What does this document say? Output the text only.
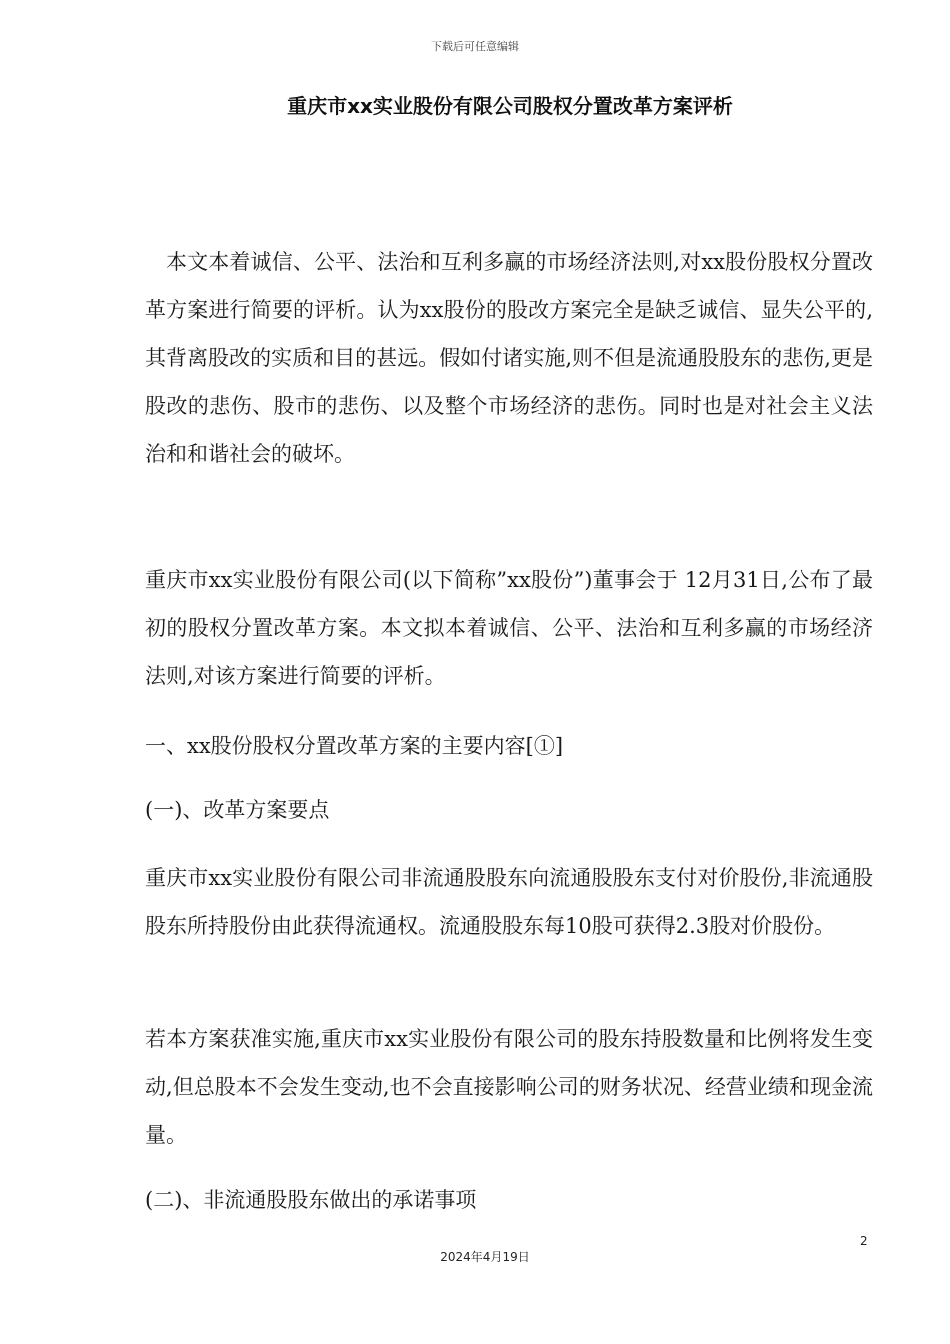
下载后可任意编辑
重庆市xx实业股份有限公司股权分置改革方案评析

本文本着诚信、公平、法治和互利多赢的市场经济法则,对xx股份股权分置改革方案进行简要的评析。认为xx股份的股改方案完全是缺乏诚信、显失公平的,其背离股改的实质和目的甚远。假如付诸实施,则不但是流通股股东的悲伤,更是股改的悲伤、股市的悲伤、以及整个市场经济的悲伤。同时也是对社会主义法治和和谐社会的破坏。

重庆市xx实业股份有限公司(以下简称”xx股份”)董事会于 12月31日,公布了最初的股权分置改革方案。本文拟本着诚信、公平、法治和互利多赢的市场经济法则,对该方案进行简要的评析。

一、xx股份股权分置改革方案的主要内容[①]

(一)、改革方案要点

重庆市xx实业股份有限公司非流通股股东向流通股股东支付对价股份,非流通股股东所持股份由此获得流通权。流通股股东每10股可获得2.3股对价股份。

若本方案获准实施,重庆市xx实业股份有限公司的股东持股数量和比例将发生变动,但总股本不会发生变动,也不会直接影响公司的财务状况、经营业绩和现金流量。

(二)、非流通股股东做出的承诺事项

2
2024年4月19日
